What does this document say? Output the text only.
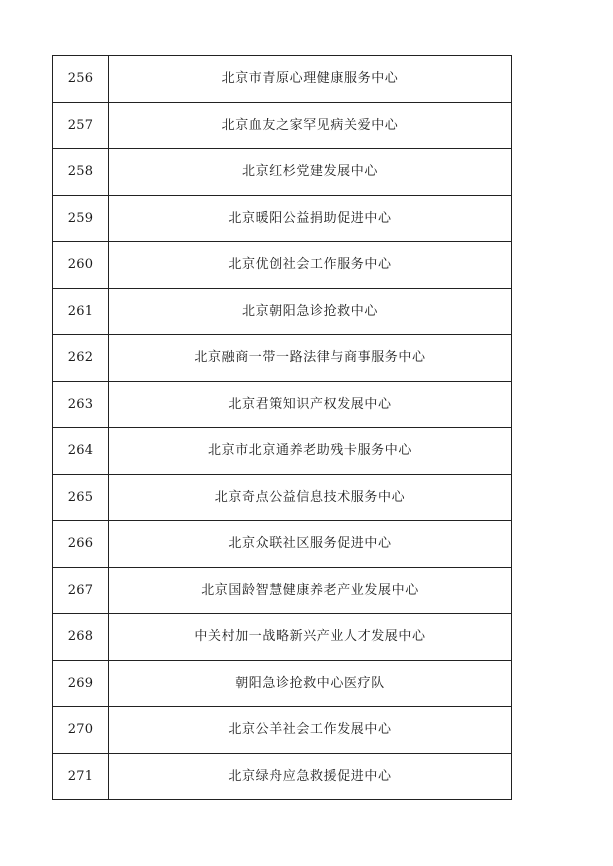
256	北京市青原心理健康服务中心
257	北京血友之家罕见病关爱中心
258	北京红杉党建发展中心
259	北京暖阳公益捐助促进中心
260	北京优创社会工作服务中心
261	北京朝阳急诊抢救中心
262	北京融商一带一路法律与商事服务中心
263	北京君策知识产权发展中心
264	北京市北京通养老助残卡服务中心
265	北京奇点公益信息技术服务中心
266	北京众联社区服务促进中心
267	北京国龄智慧健康养老产业发展中心
268	中关村加一战略新兴产业人才发展中心
269	朝阳急诊抢救中心医疗队
270	北京公羊社会工作发展中心
271	北京绿舟应急救援促进中心
